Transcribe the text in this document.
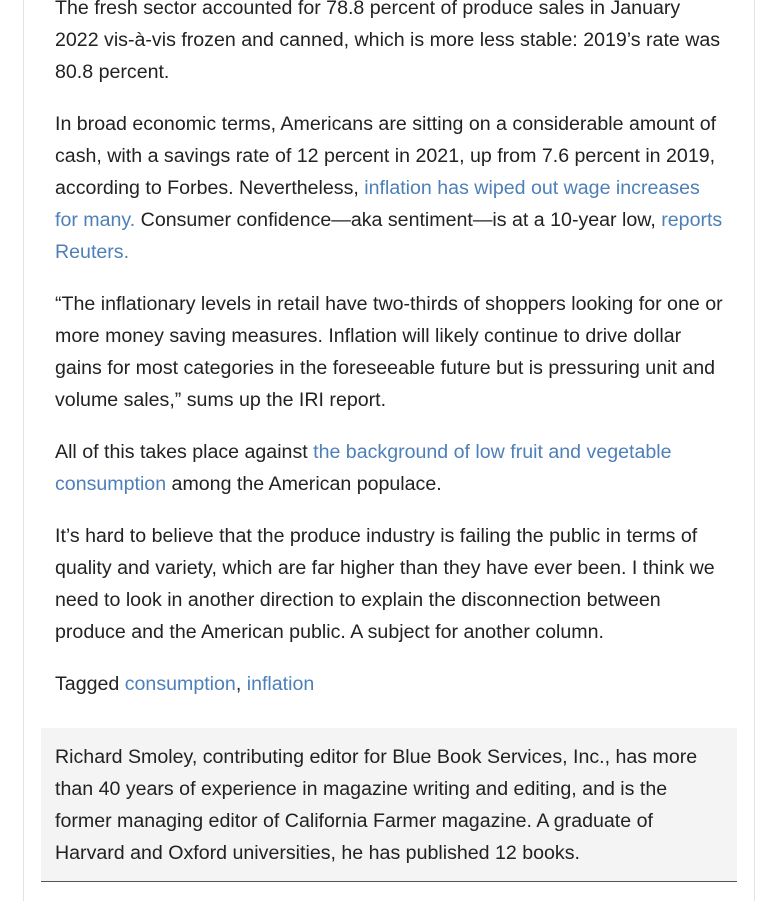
The fresh sector accounted for 78.8 percent of produce sales in January 2022 vis-à-vis frozen and canned, which is more less stable: 2019’s rate was 80.8 percent.

In broad economic terms, Americans are sitting on a considerable amount of cash, with a savings rate of 12 percent in 2021, up from 7.6 percent in 2019, according to Forbes. Nevertheless, inflation has wiped out wage increases for many. Consumer confidence—aka sentiment—is at a 10-year low, reports Reuters.

“The inflationary levels in retail have two-thirds of shoppers looking for one or more money saving measures. Inflation will likely continue to drive dollar gains for most categories in the foreseeable future but is pressuring unit and volume sales,” sums up the IRI report.

All of this takes place against the background of low fruit and vegetable consumption among the American populace.

It’s hard to believe that the produce industry is failing the public in terms of quality and variety, which are far higher than they have ever been. I think we need to look in another direction to explain the disconnection between produce and the American public. A subject for another column.

Tagged consumption, inflation

Richard Smoley, contributing editor for Blue Book Services, Inc., has more than 40 years of experience in magazine writing and editing, and is the former managing editor of California Farmer magazine. A graduate of Harvard and Oxford universities, he has published 12 books.
